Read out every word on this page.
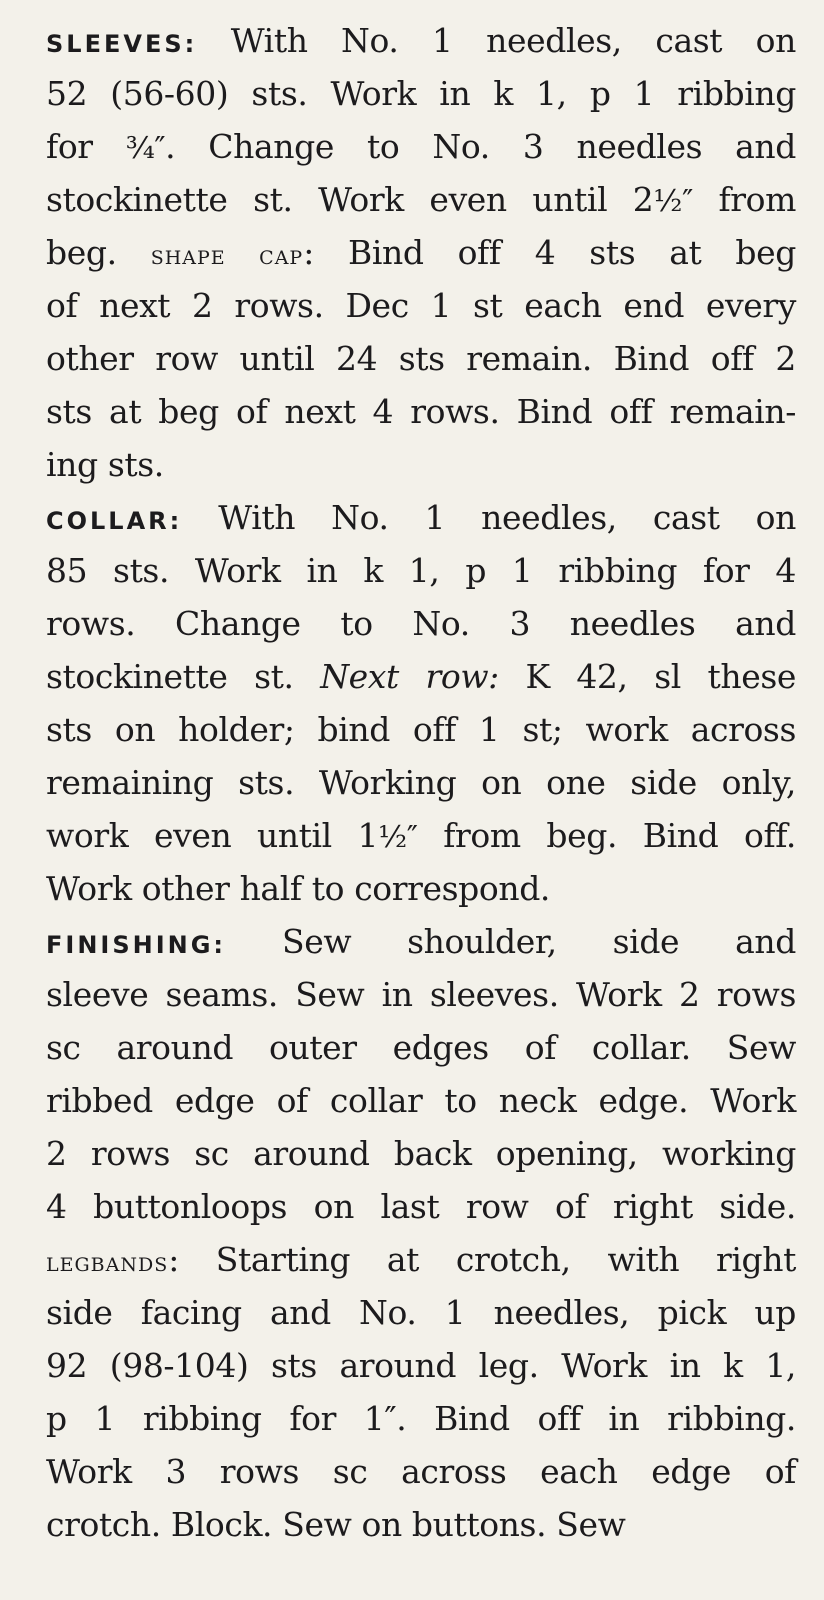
SLEEVES: With No. 1 needles, cast on
52 (56-60) sts. Work in k 1, p 1 ribbing
for ¾″. Change to No. 3 needles and
stockinette st. Work even until 2½″ from
beg. shape cap: Bind off 4 sts at beg
of next 2 rows. Dec 1 st each end every
other row until 24 sts remain. Bind off 2
sts at beg of next 4 rows. Bind off remain-
ing sts.
COLLAR: With No. 1 needles, cast on
85 sts. Work in k 1, p 1 ribbing for 4
rows. Change to No. 3 needles and
stockinette st. Next row: K 42, sl these
sts on holder; bind off 1 st; work across
remaining sts. Working on one side only,
work even until 1½″ from beg. Bind off.
Work other half to correspond.
FINISHING: Sew shoulder, side and
sleeve seams. Sew in sleeves. Work 2 rows
sc around outer edges of collar. Sew
ribbed edge of collar to neck edge. Work
2 rows sc around back opening, working
4 buttonloops on last row of right side.
legbands: Starting at crotch, with right
side facing and No. 1 needles, pick up
92 (98-104) sts around leg. Work in k 1,
p 1 ribbing for 1″. Bind off in ribbing.
Work 3 rows sc across each edge of
crotch. Block. Sew on buttons. Sew
